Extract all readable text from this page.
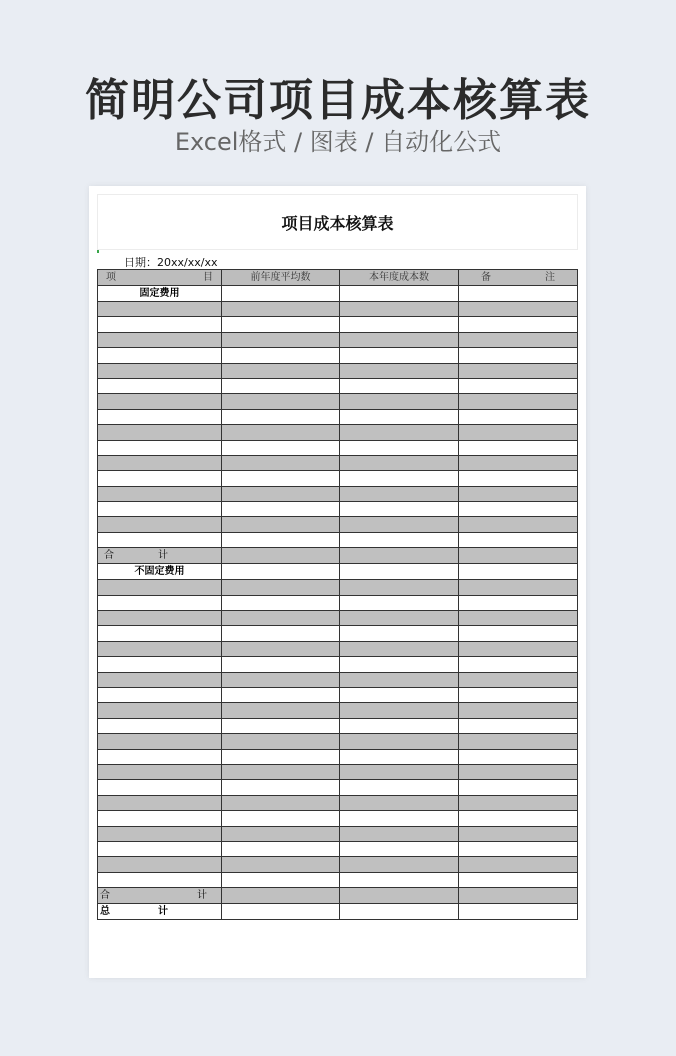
简明公司项目成本核算表
Excel格式 / 图表 / 自动化公式
项目成本核算表
日期：20xx/xx/xx
项 目	前年度平均数	本年度成本数	备 注

固定费用			

合 计			

不固定费用			

合 计			

总 计			
